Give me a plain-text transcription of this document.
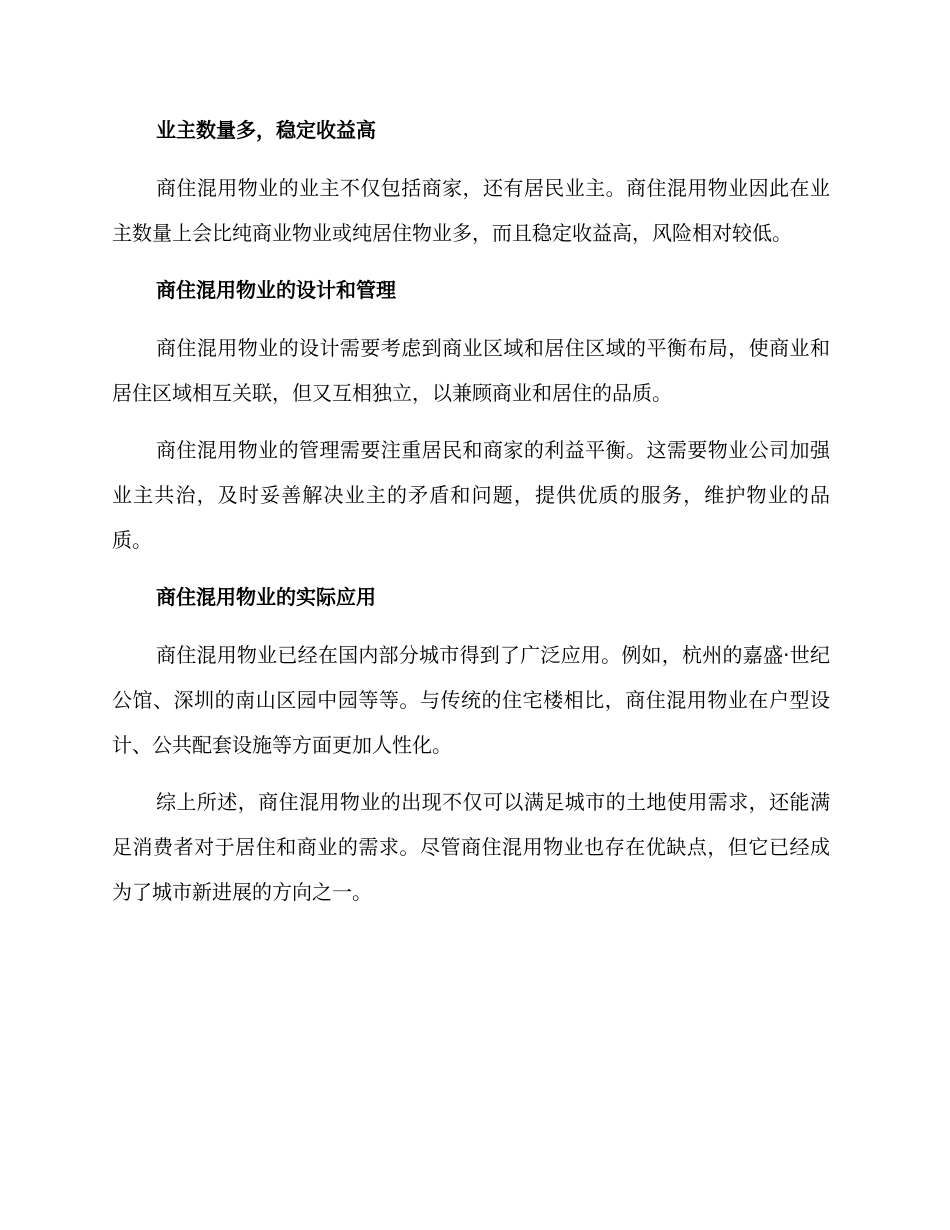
业主数量多，稳定收益高

商住混用物业的业主不仅包括商家，还有居民业主。商住混用物业因此在业主数量上会比纯商业物业或纯居住物业多，而且稳定收益高，风险相对较低。

商住混用物业的设计和管理

商住混用物业的设计需要考虑到商业区域和居住区域的平衡布局，使商业和居住区域相互关联，但又互相独立，以兼顾商业和居住的品质。

商住混用物业的管理需要注重居民和商家的利益平衡。这需要物业公司加强业主共治，及时妥善解决业主的矛盾和问题，提供优质的服务，维护物业的品质。

商住混用物业的实际应用

商住混用物业已经在国内部分城市得到了广泛应用。例如，杭州的嘉盛·世纪公馆、深圳的南山区园中园等等。与传统的住宅楼相比，商住混用物业在户型设计、公共配套设施等方面更加人性化。

综上所述，商住混用物业的出现不仅可以满足城市的土地使用需求，还能满足消费者对于居住和商业的需求。尽管商住混用物业也存在优缺点，但它已经成为了城市新进展的方向之一。
